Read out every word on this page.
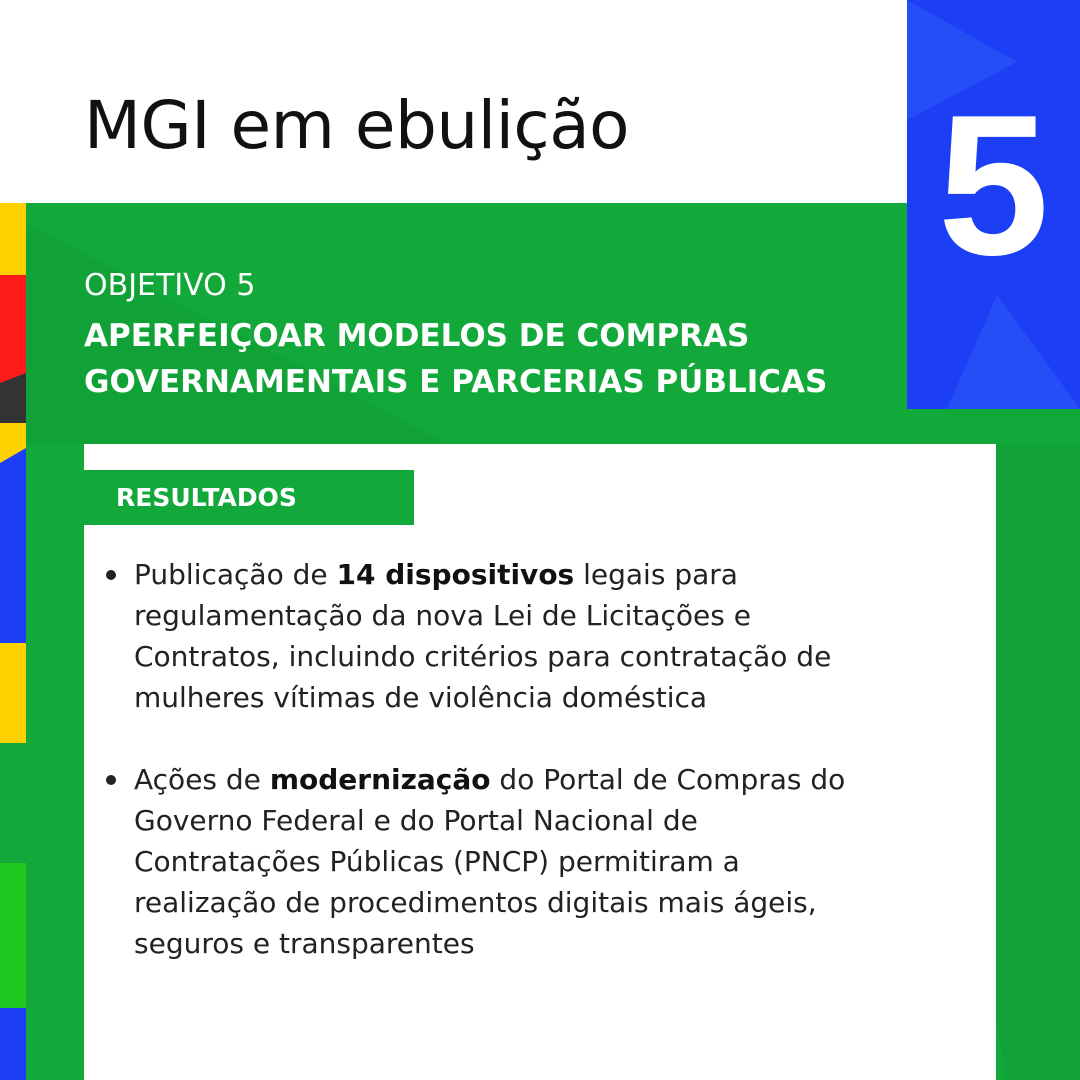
5
MGI em ebulição
OBJETIVO 5
APERFEIÇOAR MODELOS DE COMPRAS
GOVERNAMENTAIS E PARCERIAS PÚBLICAS
RESULTADOS
Publicação de 14 dispositivos legais para
regulamentação da nova Lei de Licitações e
Contratos, incluindo critérios para contratação de
mulheres vítimas de violência doméstica
Ações de modernização do Portal de Compras do
Governo Federal e do Portal Nacional de
Contratações Públicas (PNCP) permitiram a
realização de procedimentos digitais mais ágeis,
seguros e transparentes
